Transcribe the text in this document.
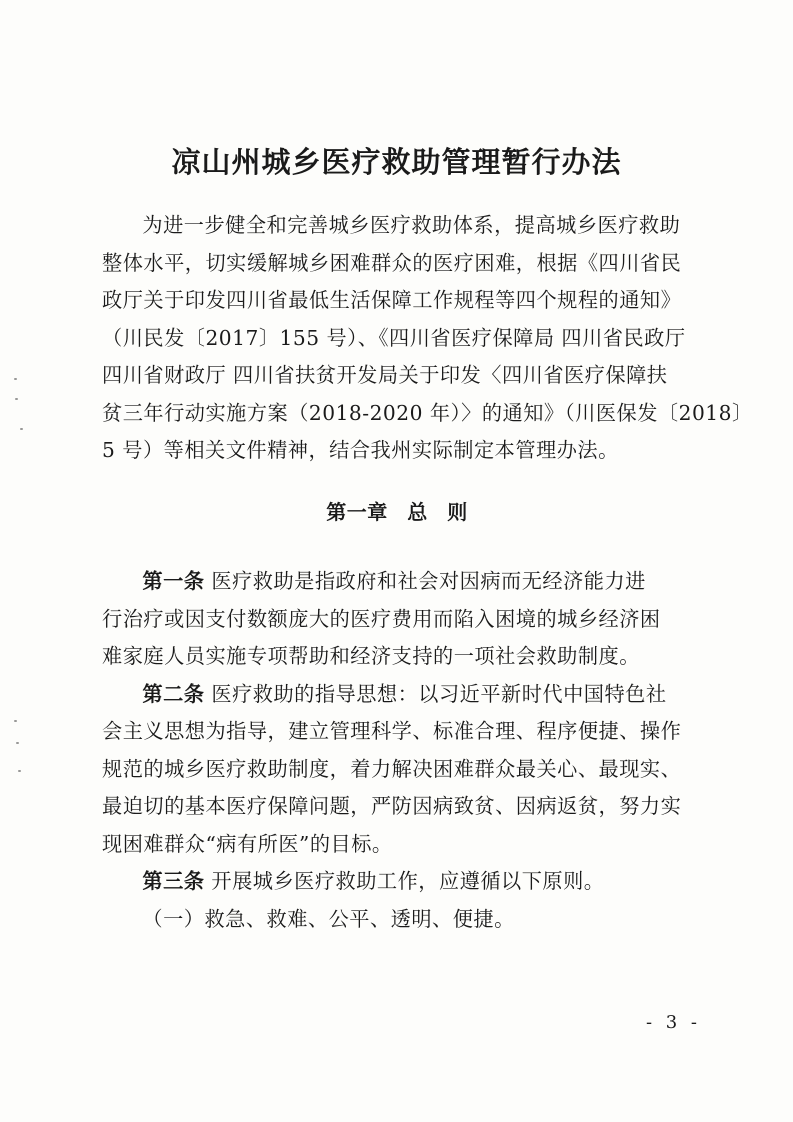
凉山州城乡医疗救助管理暂行办法

为进一步健全和完善城乡医疗救助体系，提高城乡医疗救助

整体水平，切实缓解城乡困难群众的医疗困难，根据《四川省民
政厅关于印发四川省最低生活保障工作规程等四个规程的通知》
（川民发〔2017〕155 号）、《四川省医疗保障局 四川省民政厅
四川省财政厅 四川省扶贫开发局关于印发〈四川省医疗保障扶
贫三年行动实施方案（2018-2020 年）〉的通知》（川医保发〔2018〕
5 号）等相关文件精神，结合我州实际制定本管理办法。

第一章 总 则

第一条 医疗救助是指政府和社会对因病而无经济能力进

行治疗或因支付数额庞大的医疗费用而陷入困境的城乡经济困
难家庭人员实施专项帮助和经济支持的一项社会救助制度。

第二条 医疗救助的指导思想：以习近平新时代中国特色社

会主义思想为指导，建立管理科学、标准合理、程序便捷、操作
规范的城乡医疗救助制度，着力解决困难群众最关心、最现实、
最迫切的基本医疗保障问题，严防因病致贫、因病返贫，努力实
现困难群众“病有所医”的目标。

第三条 开展城乡医疗救助工作，应遵循以下原则。

（一）救急、救难、公平、透明、便捷。

- 3 -
